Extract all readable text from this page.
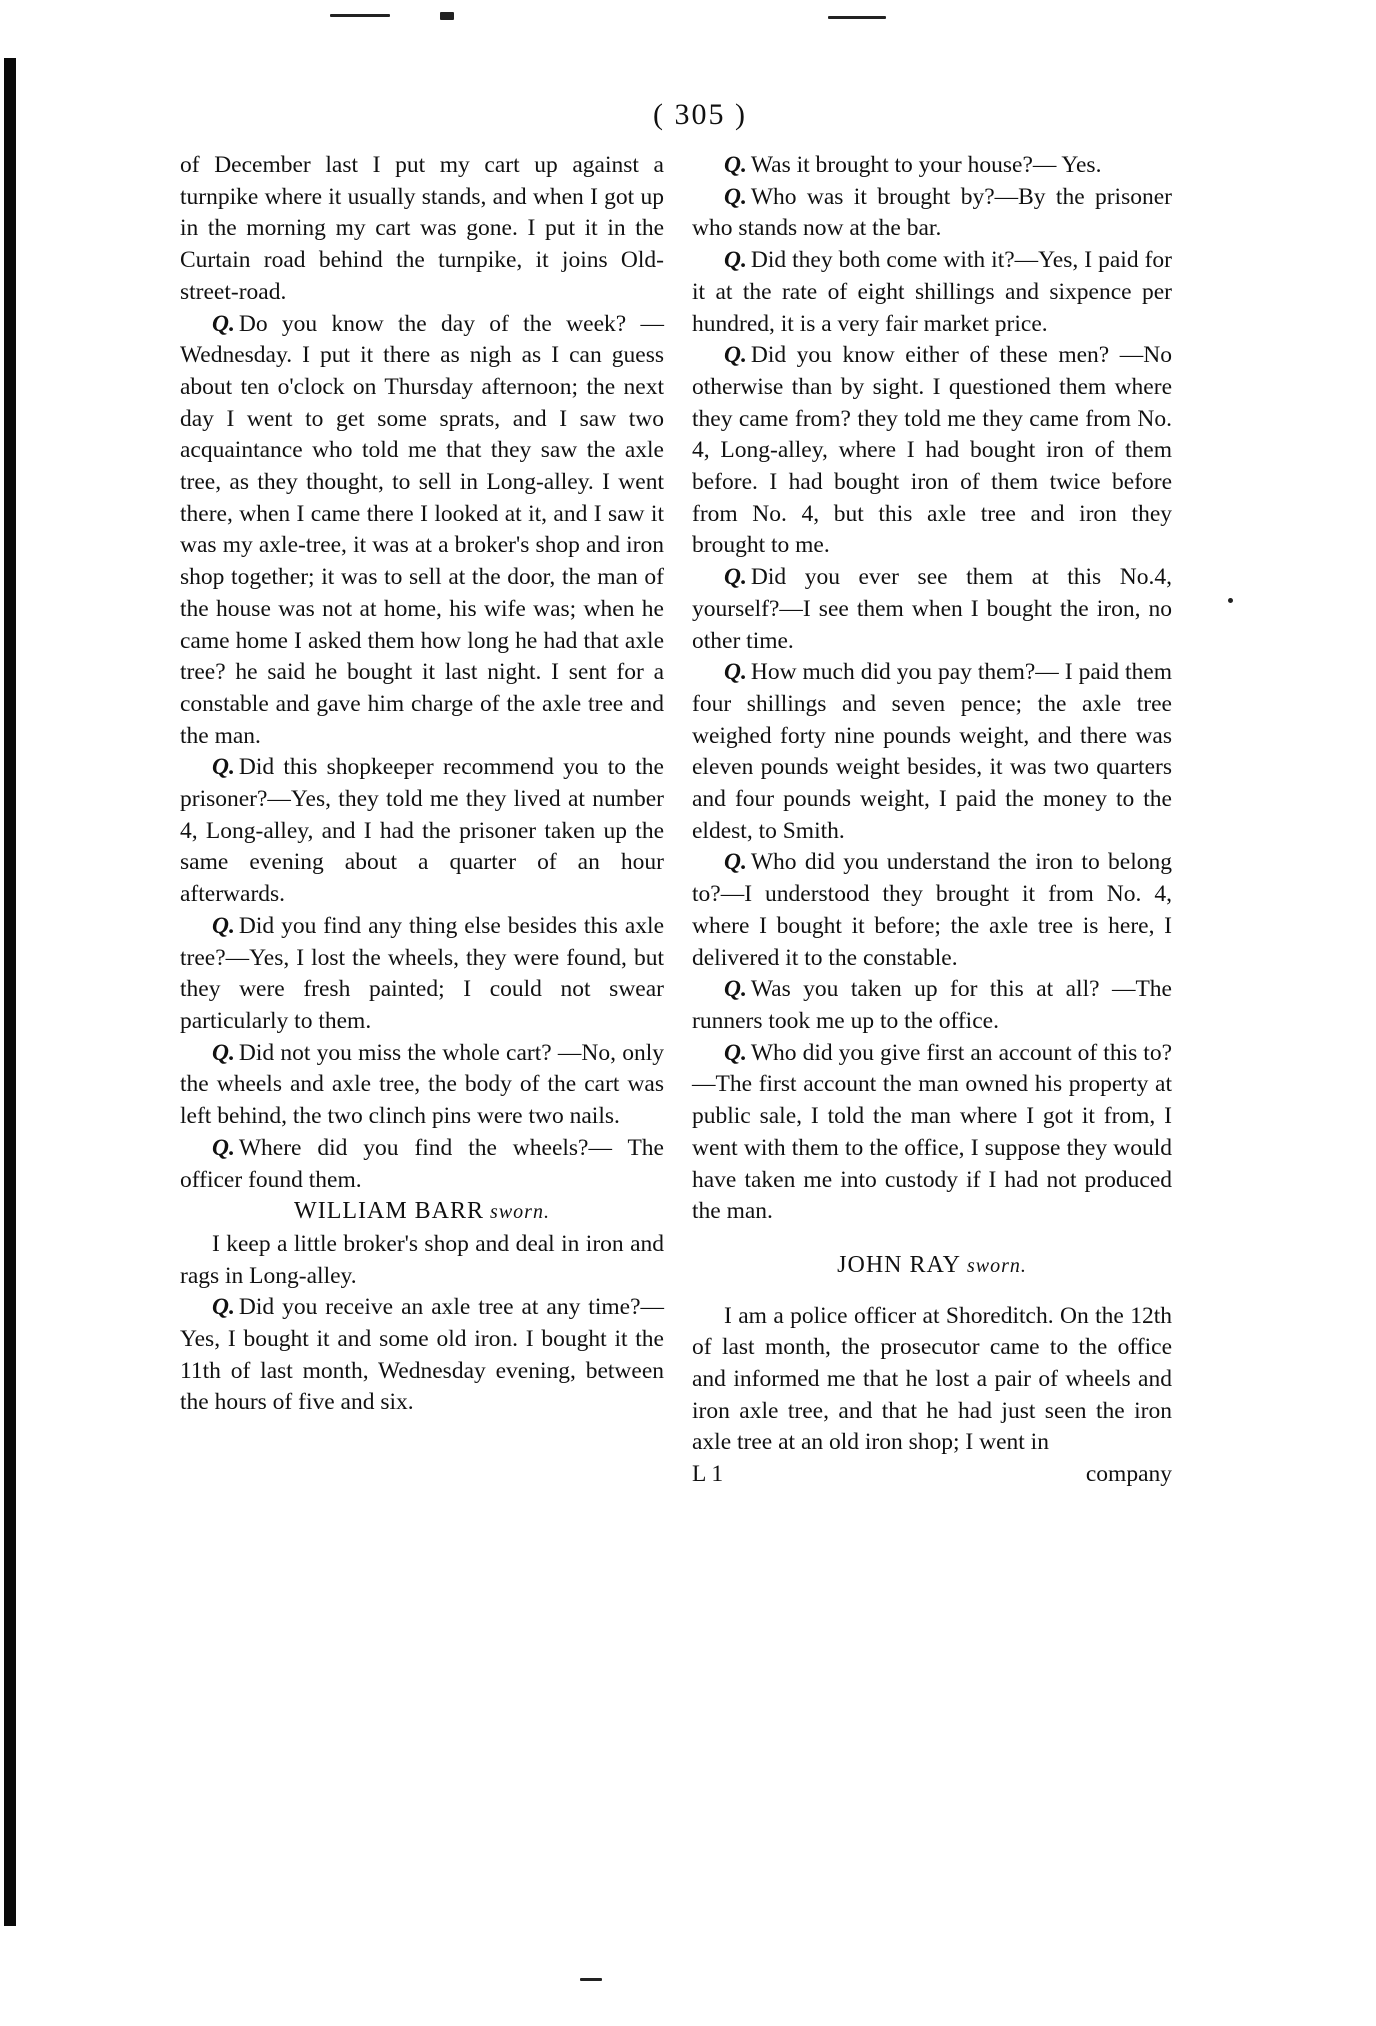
( 305 )

of December last I put my cart up against a turnpike where it usually stands, and when I got up in the morning my cart was gone. I put it in the Curtain road behind the turnpike, it joins Old-street-road.

Q. Do you know the day of the week? —Wednesday. I put it there as nigh as I can guess about ten o'clock on Thursday afternoon; the next day I went to get some sprats, and I saw two acquaintance who told me that they saw the axle tree, as they thought, to sell in Long-alley. I went there, when I came there I looked at it, and I saw it was my axle-tree, it was at a broker's shop and iron shop together; it was to sell at the door, the man of the house was not at home, his wife was; when he came home I asked them how long he had that axle tree? he said he bought it last night. I sent for a constable and gave him charge of the axle tree and the man.

Q. Did this shopkeeper recommend you to the prisoner?—Yes, they told me they lived at number 4, Long-alley, and I had the prisoner taken up the same evening about a quarter of an hour afterwards.

Q. Did you find any thing else besides this axle tree?—Yes, I lost the wheels, they were found, but they were fresh painted; I could not swear particularly to them.

Q. Did not you miss the whole cart? —No, only the wheels and axle tree, the body of the cart was left behind, the two clinch pins were two nails.

Q. Where did you find the wheels?— The officer found them.

WILLIAM BARR sworn.

I keep a little broker's shop and deal in iron and rags in Long-alley.

Q. Did you receive an axle tree at any time?—Yes, I bought it and some old iron. I bought it the 11th of last month, Wednesday evening, between the hours of five and six.

Q. Was it brought to your house?— Yes.

Q. Who was it brought by?—By the prisoner who stands now at the bar.

Q. Did they both come with it?—Yes, I paid for it at the rate of eight shillings and sixpence per hundred, it is a very fair market price.

Q. Did you know either of these men? —No otherwise than by sight. I questioned them where they came from? they told me they came from No. 4, Long-alley, where I had bought iron of them before. I had bought iron of them twice before from No. 4, but this axle tree and iron they brought to me.

Q. Did you ever see them at this No.4, yourself?—I see them when I bought the iron, no other time.

Q. How much did you pay them?— I paid them four shillings and seven pence; the axle tree weighed forty nine pounds weight, and there was eleven pounds weight besides, it was two quarters and four pounds weight, I paid the money to the eldest, to Smith.

Q. Who did you understand the iron to belong to?—I understood they brought it from No. 4, where I bought it before; the axle tree is here, I delivered it to the constable.

Q. Was you taken up for this at all? —The runners took me up to the office.

Q. Who did you give first an account of this to?—The first account the man owned his property at public sale, I told the man where I got it from, I went with them to the office, I suppose they would have taken me into custody if I had not produced the man.

JOHN RAY sworn.

I am a police officer at Shoreditch. On the 12th of last month, the prosecutor came to the office and informed me that he lost a pair of wheels and iron axle tree, and that he had just seen the iron axle tree at an old iron shop; I went in

L 1	company
